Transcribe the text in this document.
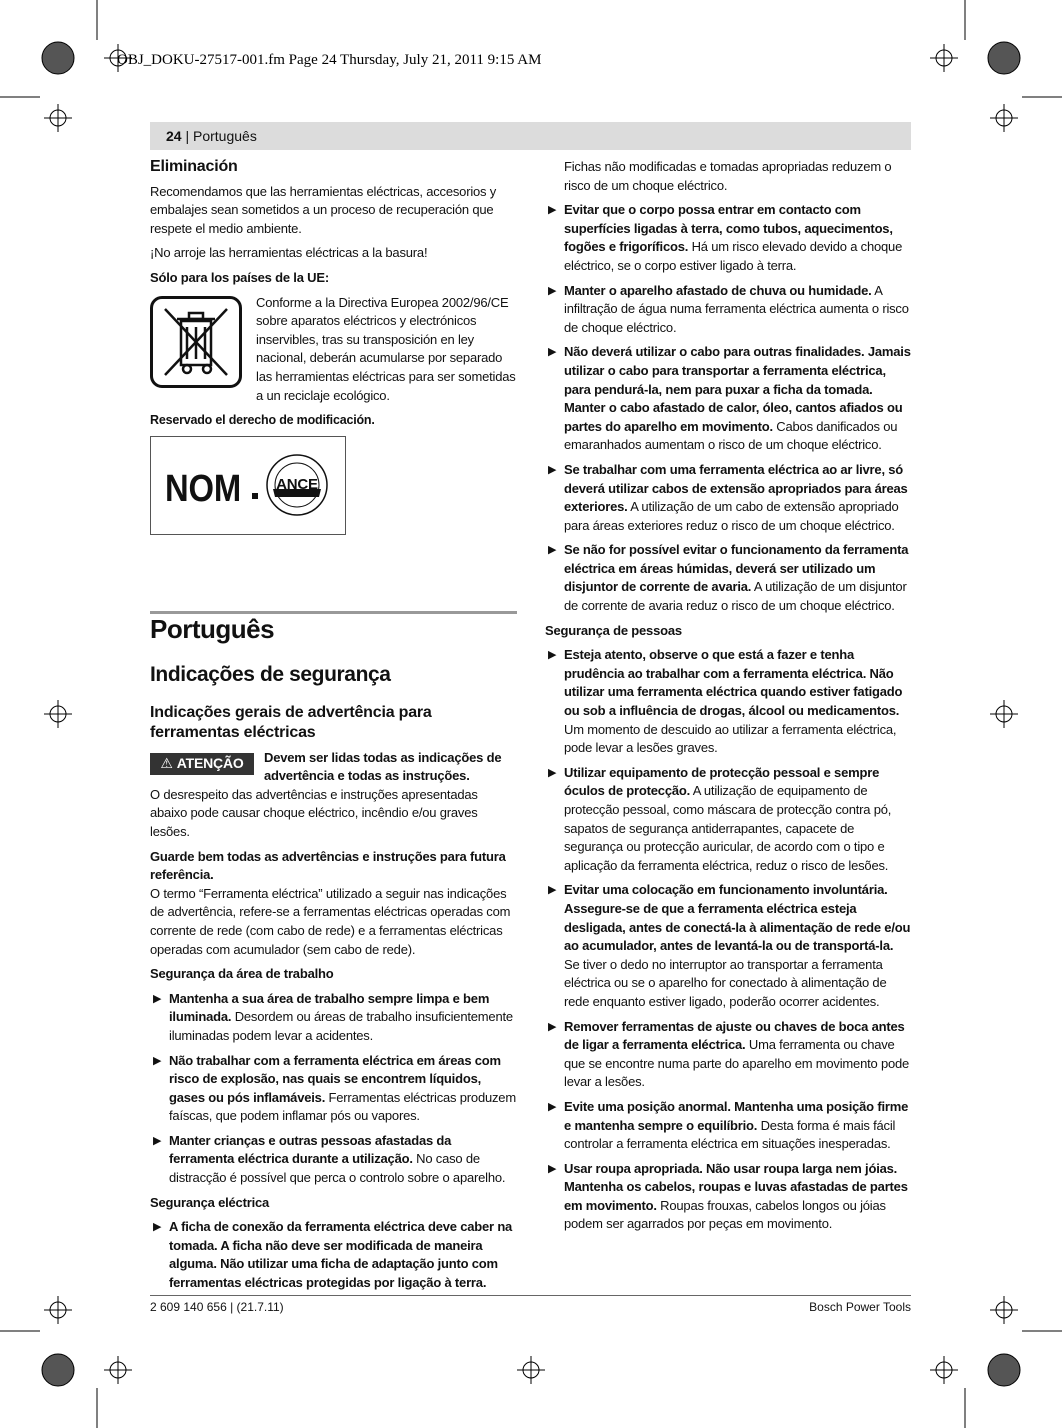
OBJ_DOKU-27517-001.fm Page 24 Thursday, July 21, 2011 9:15 AM
24 | Português
Eliminación

Recomendamos que las herramientas eléctricas, accesorios y embalajes sean sometidos a un proceso de recuperación que respete el medio ambiente.

¡No arroje las herramientas eléctricas a la basura!

Sólo para los países de la UE:

Conforme a la Directiva Europea 2002/96/CE sobre aparatos eléctricos y electrónicos inservibles, tras su transposición en ley nacional, deberán acumularse por separado las herramientas eléctricas para ser sometidas a un reciclaje ecológico.

Reservado el derecho de modificación.

NOM ANCE
Português
Indicações de segurança
Indicações gerais de advertência para ferramentas eléctricas
⚠ ATENÇÃO Devem ser lidas todas as indicações de advertência e todas as instruções.

O desrespeito das advertências e instruções apresentadas abaixo pode causar choque eléctrico, incêndio e/ou graves lesões.

Guarde bem todas as advertências e instruções para futura referência.
O termo “Ferramenta eléctrica” utilizado a seguir nas indicações de advertência, refere-se a ferramentas eléctricas operadas com corrente de rede (com cabo de rede) e a ferramentas eléctricas operadas com acumulador (sem cabo de rede).

Segurança da área de trabalho

▶ Mantenha a sua área de trabalho sempre limpa e bem iluminada. Desordem ou áreas de trabalho insuficientemente iluminadas podem levar a acidentes.
▶ Não trabalhar com a ferramenta eléctrica em áreas com risco de explosão, nas quais se encontrem líquidos, gases ou pós inflamáveis. Ferramentas eléctricas produzem faíscas, que podem inflamar pós ou vapores.
▶ Manter crianças e outras pessoas afastadas da ferramenta eléctrica durante a utilização. No caso de distracção é possível que perca o controlo sobre o aparelho.

Segurança eléctrica

▶ A ficha de conexão da ferramenta eléctrica deve caber na tomada. A ficha não deve ser modificada de maneira alguma. Não utilizar uma ficha de adaptação junto com ferramentas eléctricas protegidas por ligação à terra.

Fichas não modificadas e tomadas apropriadas reduzem o risco de um choque eléctrico.

▶ Evitar que o corpo possa entrar em contacto com superfícies ligadas à terra, como tubos, aquecimentos, fogões e frigoríficos. Há um risco elevado devido a choque eléctrico, se o corpo estiver ligado à terra.
▶ Manter o aparelho afastado de chuva ou humidade. A infiltração de água numa ferramenta eléctrica aumenta o risco de choque eléctrico.
▶ Não deverá utilizar o cabo para outras finalidades. Jamais utilizar o cabo para transportar a ferramenta eléctrica, para pendurá-la, nem para puxar a ficha da tomada. Manter o cabo afastado de calor, óleo, cantos afiados ou partes do aparelho em movimento. Cabos danificados ou emaranhados aumentam o risco de um choque eléctrico.
▶ Se trabalhar com uma ferramenta eléctrica ao ar livre, só deverá utilizar cabos de extensão apropriados para áreas exteriores. A utilização de um cabo de extensão apropriado para áreas exteriores reduz o risco de um choque eléctrico.
▶ Se não for possível evitar o funcionamento da ferramenta eléctrica em áreas húmidas, deverá ser utilizado um disjuntor de corrente de avaria. A utilização de um disjuntor de corrente de avaria reduz o risco de um choque eléctrico.

Segurança de pessoas

▶ Esteja atento, observe o que está a fazer e tenha prudência ao trabalhar com a ferramenta eléctrica. Não utilizar uma ferramenta eléctrica quando estiver fatigado ou sob a influência de drogas, álcool ou medicamentos. Um momento de descuido ao utilizar a ferramenta eléctrica, pode levar a lesões graves.
▶ Utilizar equipamento de protecção pessoal e sempre óculos de protecção. A utilização de equipamento de protecção pessoal, como máscara de protecção contra pó, sapatos de segurança antiderrapantes, capacete de segurança ou protecção auricular, de acordo com o tipo e aplicação da ferramenta eléctrica, reduz o risco de lesões.
▶ Evitar uma colocação em funcionamento involuntária. Assegure-se de que a ferramenta eléctrica esteja desligada, antes de conectá-la à alimentação de rede e/ou ao acumulador, antes de levantá-la ou de transportá-la. Se tiver o dedo no interruptor ao transportar a ferramenta eléctrica ou se o aparelho for conectado à alimentação de rede enquanto estiver ligado, poderão ocorrer acidentes.
▶ Remover ferramentas de ajuste ou chaves de boca antes de ligar a ferramenta eléctrica. Uma ferramenta ou chave que se encontre numa parte do aparelho em movimento pode levar a lesões.
▶ Evite uma posição anormal. Mantenha uma posição firme e mantenha sempre o equilíbrio. Desta forma é mais fácil controlar a ferramenta eléctrica em situações inesperadas.
▶ Usar roupa apropriada. Não usar roupa larga nem jóias. Mantenha os cabelos, roupas e luvas afastadas de partes em movimento. Roupas frouxas, cabelos longos ou jóias podem ser agarrados por peças em movimento.
2 609 140 656 | (21.7.11)	Bosch Power Tools
